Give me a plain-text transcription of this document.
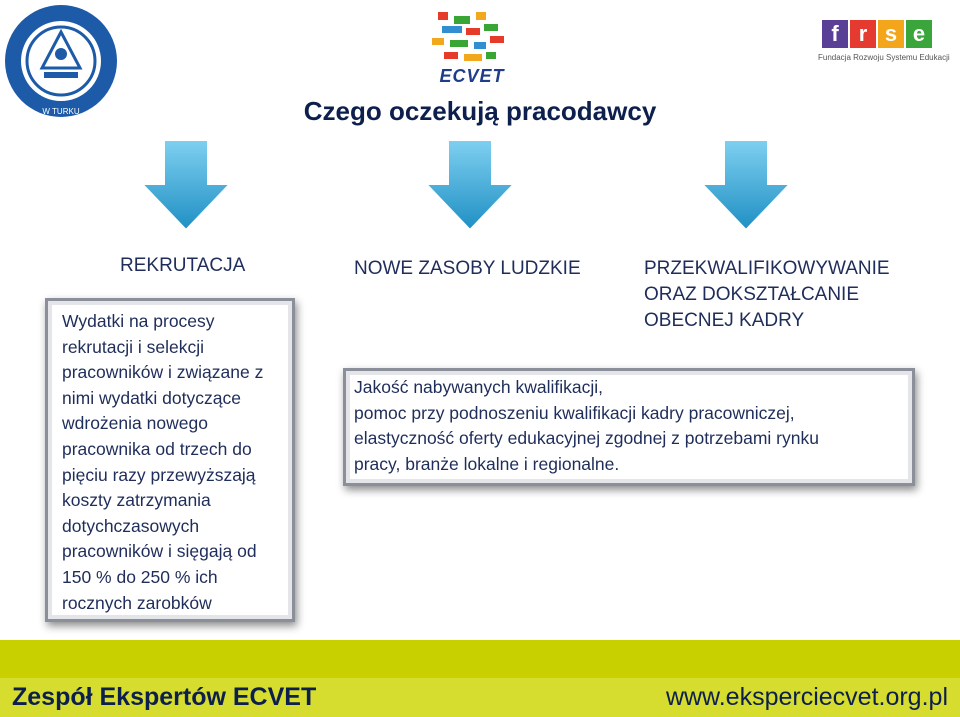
W TURKU
ECVET
f r s e
Fundacja Rozwoju Systemu Edukacji
Czego oczekują pracodawcy
REKRUTACJA	NOWE ZASOBY LUDZKIE	PRZEKWALIFIKOWYWANIE
ORAZ DOKSZTAŁCANIE
OBECNEJ KADRY
Wydatki na procesy
rekrutacji i selekcji
pracowników i związane z
nimi wydatki dotyczące
wdrożenia nowego
pracownika od trzech do
pięciu razy przewyższają
koszty zatrzymania
dotychczasowych
pracowników i sięgają od
150 % do 250 % ich
rocznych zarobków
Jakość nabywanych kwalifikacji,
pomoc przy podnoszeniu kwalifikacji kadry pracowniczej,
elastyczność oferty edukacyjnej zgodnej z potrzebami rynku
pracy, branże lokalne i regionalne.
Zespół Ekspertów ECVET	www.eksperciecvet.org.pl
